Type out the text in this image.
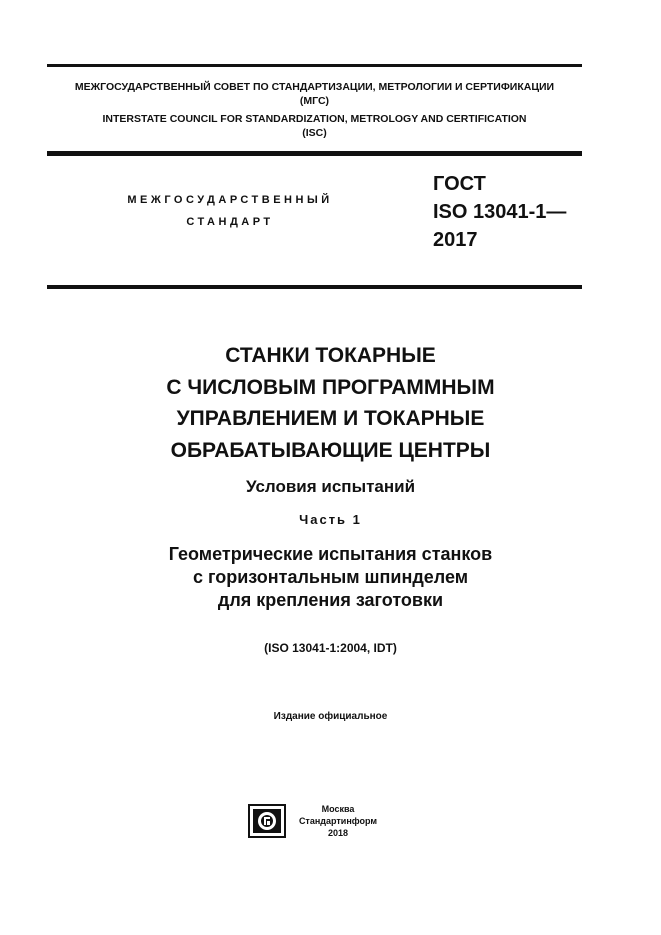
МЕЖГОСУДАРСТВЕННЫЙ СОВЕТ ПО СТАНДАРТИЗАЦИИ, МЕТРОЛОГИИ И СЕРТИФИКАЦИИ
(МГС)
INTERSTATE COUNCIL FOR STANDARDIZATION, METROLOGY AND CERTIFICATION
(ISC)
МЕЖГОСУДАРСТВЕННЫЙ
СТАНДАРТ
ГОСТ
ISO 13041-1—
2017
СТАНКИ ТОКАРНЫЕ
С ЧИСЛОВЫМ ПРОГРАММНЫМ
УПРАВЛЕНИЕМ И ТОКАРНЫЕ
ОБРАБАТЫВАЮЩИЕ ЦЕНТРЫ
Условия испытаний
Часть 1
Геометрические испытания станков
с горизонтальным шпинделем
для крепления заготовки
(ISO 13041-1:2004, IDT)
Издание официальное
Москва
Стандартинформ
2018
